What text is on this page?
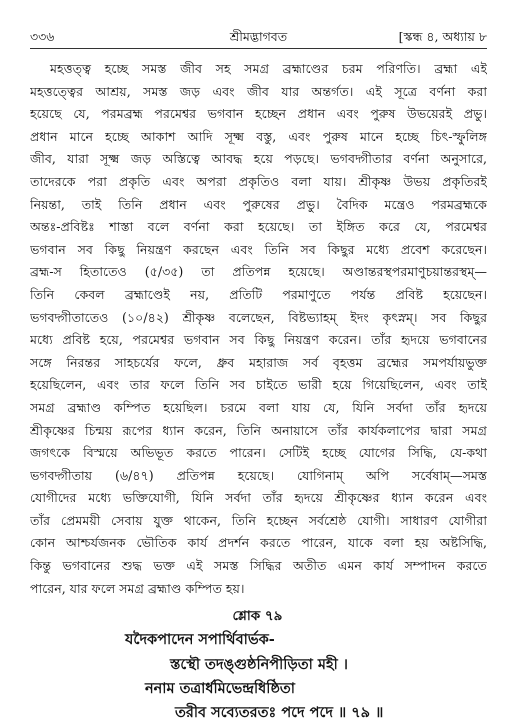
৩৩৬	শ্রীমদ্ভাগবত	[স্কন্ধ ৪, অধ্যায় ৮
মহত্তত্ত্ব হচ্ছে সমস্ত জীব সহ সমগ্র ব্রহ্মাণ্ডের চরম পরিণতি। ব্রহ্মা এই
মহত্তত্ত্বের আশ্রয়, সমস্ত জড় এবং জীব যার অন্তর্গত। এই সূত্রে বর্ণনা করা
হয়েছে যে, পরমব্রহ্ম পরমেশ্বর ভগবান হচ্ছেন প্রধান এবং পুরুষ উভয়েরই প্রভু।
প্রধান মানে হচ্ছে আকাশ আদি সূক্ষ্ম বস্তু, এবং পুরুষ মানে হচ্ছে চিৎ-স্ফুলিঙ্গ
জীব, যারা সূক্ষ্ম জড় অস্তিত্বে আবদ্ধ হয়ে পড়ছে। ভগবদ্গীতার বর্ণনা অনুসারে,
তাদেরকে পরা প্রকৃতি এবং অপরা প্রকৃতিও বলা যায়। শ্রীকৃষ্ণ উভয় প্রকৃতিরই
নিয়ন্তা, তাই তিনি প্রধান এবং পুরুষের প্রভু। বৈদিক মন্ত্রেও পরমব্রহ্মকে
অন্তঃ-প্রবিষ্টঃ শাস্তা বলে বর্ণনা করা হয়েছে। তা ইঙ্গিত করে যে, পরমেশ্বর
ভগবান সব কিছু নিয়ন্ত্রণ করছেন এবং তিনি সব কিছুর মধ্যে প্রবেশ করেছেন।
ব্রহ্ম-স হিতাতেও (৫/৩৫) তা প্রতিপন্ন হয়েছে। অণ্ডান্তরস্থপরমাণুচয়ান্তরস্থম্—
তিনি কেবল ব্রহ্মাণ্ডেই নয়, প্রতিটি পরমাণুতে পর্যন্ত প্রবিষ্ট হয়েছেন।
ভগবদ্গীতাতেও (১০/৪২) শ্রীকৃষ্ণ বলেছেন, বিষ্টভ্যাহম্ ইদং কৃৎস্নম্। সব কিছুর
মধ্যে প্রবিষ্ট হয়ে, পরমেশ্বর ভগবান সব কিছু নিয়ন্ত্রণ করেন। তাঁর হৃদয়ে ভগবানের
সঙ্গে নিরন্তর সাহচর্যের ফলে, ধ্রুব মহারাজ সর্ব বৃহত্তম ব্রহ্মের সমপর্যায়ভুক্ত
হয়েছিলেন, এবং তার ফলে তিনি সব চাইতে ভারী হয়ে গিয়েছিলেন, এবং তাই
সমগ্র ব্রহ্মাণ্ড কম্পিত হয়েছিল। চরমে বলা যায় যে, যিনি সর্বদা তাঁর হৃদয়ে
শ্রীকৃষ্ণের চিন্ময় রূপের ধ্যান করেন, তিনি অনায়াসে তাঁর কার্যকলাপের দ্বারা সমগ্র
জগৎকে বিস্ময়ে অভিভূত করতে পারেন। সেটিই হচ্ছে যোগের সিদ্ধি, যে-কথা
ভগবদ্গীতায় (৬/৪৭) প্রতিপন্ন হয়েছে। যোগিনাম্ অপি সর্বেষাম্—সমস্ত
যোগীদের মধ্যে ভক্তিযোগী, যিনি সর্বদা তাঁর হৃদয়ে শ্রীকৃষ্ণের ধ্যান করেন এবং
তাঁর প্রেমময়ী সেবায় যুক্ত থাকেন, তিনি হচ্ছেন সর্বশ্রেষ্ঠ যোগী। সাধারণ যোগীরা
কোন আশ্চর্যজনক ভৌতিক কার্য প্রদর্শন করতে পারেন, যাকে বলা হয় অষ্টসিদ্ধি,
কিন্তু ভগবানের শুদ্ধ ভক্ত এই সমস্ত সিদ্ধির অতীত এমন কার্য সম্পাদন করতে
পারেন, যার ফলে সমগ্র ব্রহ্মাণ্ড কম্পিত হয়।
শ্লোক ৭৯
যদৈকপাদেন সপার্থিবার্ভক-
স্তস্থৌ তদঙ্গুষ্ঠনিপীড়িতা মহী ।
ননাম তত্রার্ধমিভেন্দ্রধিষ্ঠিতা
তরীব সব্যেতরতঃ পদে পদে ॥ ৭৯ ॥
